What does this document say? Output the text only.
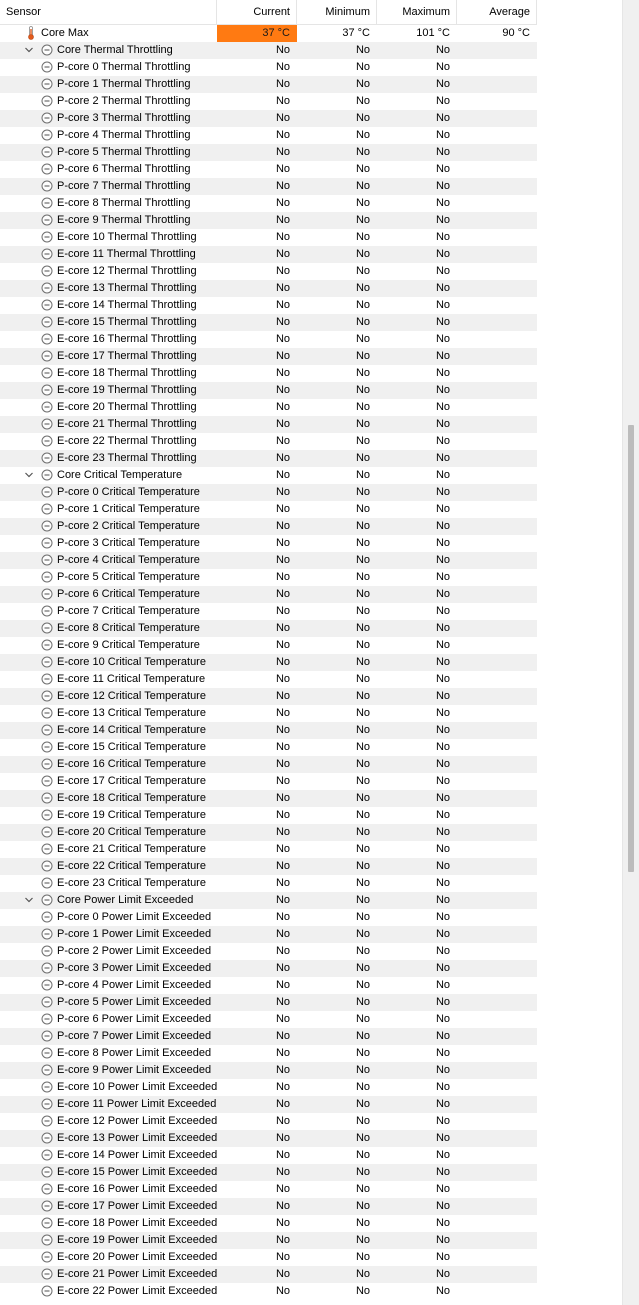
Sensor	Current	Minimum	Maximum	Average
Core Max	37 °C	37 °C	101 °C	90 °C
Core Thermal Throttling	No	No	No
P-core 0 Thermal Throttling	No	No	No
P-core 1 Thermal Throttling	No	No	No
P-core 2 Thermal Throttling	No	No	No
P-core 3 Thermal Throttling	No	No	No
P-core 4 Thermal Throttling	No	No	No
P-core 5 Thermal Throttling	No	No	No
P-core 6 Thermal Throttling	No	No	No
P-core 7 Thermal Throttling	No	No	No
E-core 8 Thermal Throttling	No	No	No
E-core 9 Thermal Throttling	No	No	No
E-core 10 Thermal Throttling	No	No	No
E-core 11 Thermal Throttling	No	No	No
E-core 12 Thermal Throttling	No	No	No
E-core 13 Thermal Throttling	No	No	No
E-core 14 Thermal Throttling	No	No	No
E-core 15 Thermal Throttling	No	No	No
E-core 16 Thermal Throttling	No	No	No
E-core 17 Thermal Throttling	No	No	No
E-core 18 Thermal Throttling	No	No	No
E-core 19 Thermal Throttling	No	No	No
E-core 20 Thermal Throttling	No	No	No
E-core 21 Thermal Throttling	No	No	No
E-core 22 Thermal Throttling	No	No	No
E-core 23 Thermal Throttling	No	No	No
Core Critical Temperature	No	No	No
P-core 0 Critical Temperature	No	No	No
P-core 1 Critical Temperature	No	No	No
P-core 2 Critical Temperature	No	No	No
P-core 3 Critical Temperature	No	No	No
P-core 4 Critical Temperature	No	No	No
P-core 5 Critical Temperature	No	No	No
P-core 6 Critical Temperature	No	No	No
P-core 7 Critical Temperature	No	No	No
E-core 8 Critical Temperature	No	No	No
E-core 9 Critical Temperature	No	No	No
E-core 10 Critical Temperature	No	No	No
E-core 11 Critical Temperature	No	No	No
E-core 12 Critical Temperature	No	No	No
E-core 13 Critical Temperature	No	No	No
E-core 14 Critical Temperature	No	No	No
E-core 15 Critical Temperature	No	No	No
E-core 16 Critical Temperature	No	No	No
E-core 17 Critical Temperature	No	No	No
E-core 18 Critical Temperature	No	No	No
E-core 19 Critical Temperature	No	No	No
E-core 20 Critical Temperature	No	No	No
E-core 21 Critical Temperature	No	No	No
E-core 22 Critical Temperature	No	No	No
E-core 23 Critical Temperature	No	No	No
Core Power Limit Exceeded	No	No	No
P-core 0 Power Limit Exceeded	No	No	No
P-core 1 Power Limit Exceeded	No	No	No
P-core 2 Power Limit Exceeded	No	No	No
P-core 3 Power Limit Exceeded	No	No	No
P-core 4 Power Limit Exceeded	No	No	No
P-core 5 Power Limit Exceeded	No	No	No
P-core 6 Power Limit Exceeded	No	No	No
P-core 7 Power Limit Exceeded	No	No	No
E-core 8 Power Limit Exceeded	No	No	No
E-core 9 Power Limit Exceeded	No	No	No
E-core 10 Power Limit Exceeded	No	No	No
E-core 11 Power Limit Exceeded	No	No	No
E-core 12 Power Limit Exceeded	No	No	No
E-core 13 Power Limit Exceeded	No	No	No
E-core 14 Power Limit Exceeded	No	No	No
E-core 15 Power Limit Exceeded	No	No	No
E-core 16 Power Limit Exceeded	No	No	No
E-core 17 Power Limit Exceeded	No	No	No
E-core 18 Power Limit Exceeded	No	No	No
E-core 19 Power Limit Exceeded	No	No	No
E-core 20 Power Limit Exceeded	No	No	No
E-core 21 Power Limit Exceeded	No	No	No
E-core 22 Power Limit Exceeded	No	No	No
